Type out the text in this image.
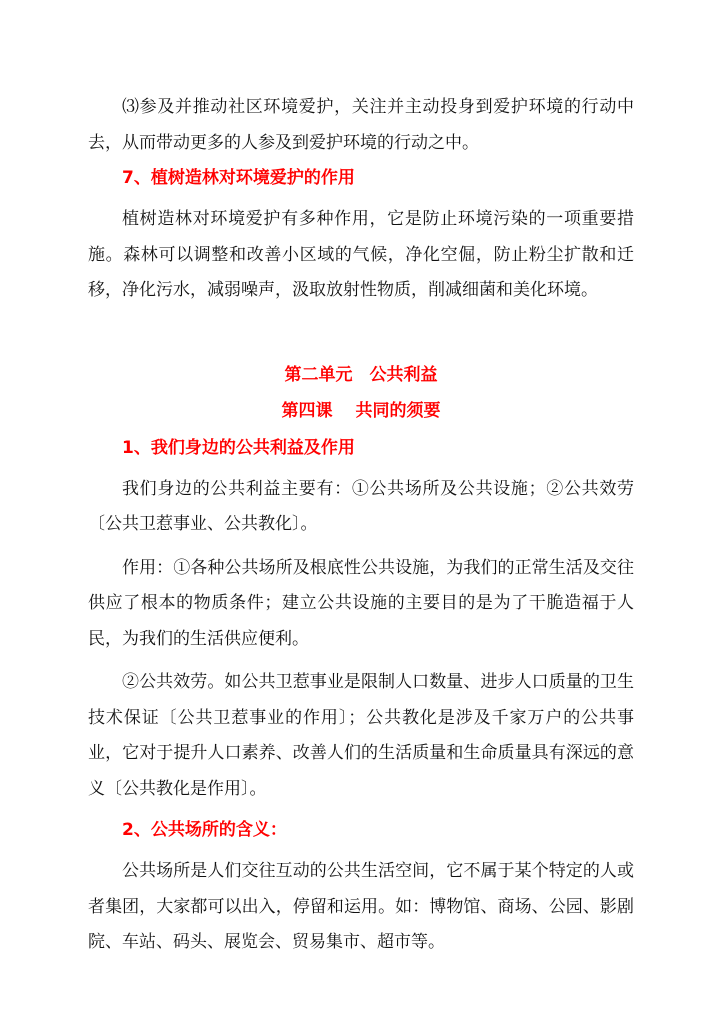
⑶参及并推动社区环境爱护，关注并主动投身到爱护环境的行动中去，从而带动更多的人参及到爱护环境的行动之中。

7、植树造林对环境爱护的作用

植树造林对环境爱护有多种作用，它是防止环境污染的一项重要措施。森林可以调整和改善小区域的气候，净化空倔，防止粉尘扩散和迁移，净化污水，减弱噪声，汲取放射性物质，削减细菌和美化环境。

第二单元　公共利益

第四课　 共同的须要

1、我们身边的公共利益及作用

我们身边的公共利益主要有：①公共场所及公共设施；②公共效劳〔公共卫惹事业、公共教化〕。

作用：①各种公共场所及根底性公共设施，为我们的正常生活及交往供应了根本的物质条件；建立公共设施的主要目的是为了干脆造福于人民，为我们的生活供应便利。

②公共效劳。如公共卫惹事业是限制人口数量、进步人口质量的卫生技术保证〔公共卫惹事业的作用〕；公共教化是涉及千家万户的公共事业，它对于提升人口素养、改善人们的生活质量和生命质量具有深远的意义〔公共教化是作用〕。

2、公共场所的含义：

公共场所是人们交往互动的公共生活空间，它不属于某个特定的人或者集团，大家都可以出入，停留和运用。如：博物馆、商场、公园、影剧院、车站、码头、展览会、贸易集市、超市等。
